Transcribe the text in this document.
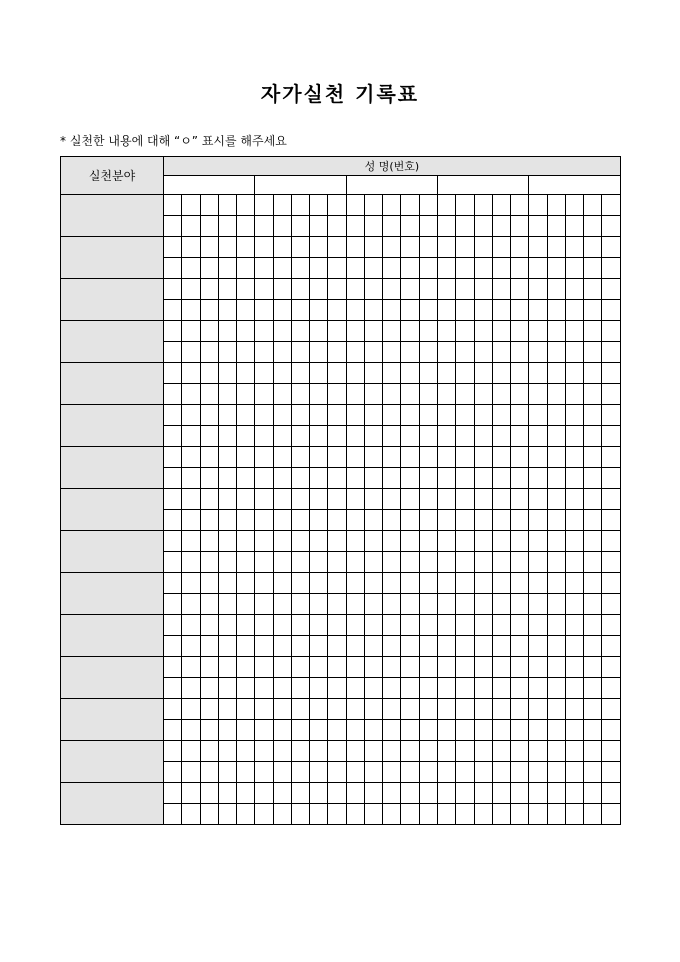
자가실천 기록표
* 실천한 내용에 대해 “ㅇ” 표시를 해주세요
실천분야	성 명(번호)																								
